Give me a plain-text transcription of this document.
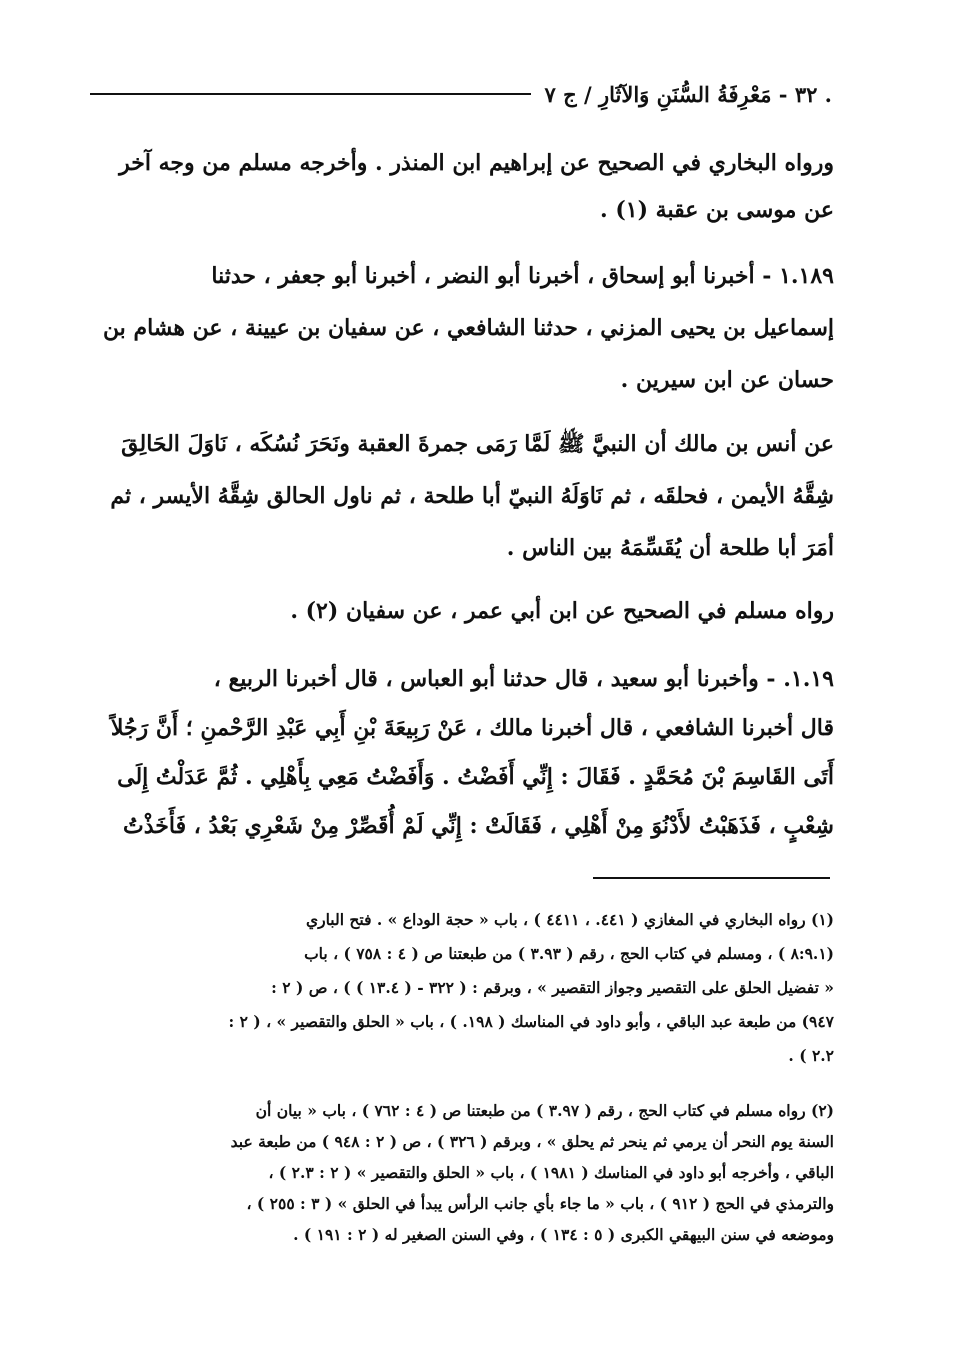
. ٣٢ - مَعْرِفَةُ السُّنَنِ وَالآثَارِ / ج ٧

ورواه البخاري في الصحيح عن إبراهيم ابن المنذر . وأخرجه مسلم من وجه آخر
عن موسى بن عقبة (١) .

١.١٨٩ - أخبرنا أبو إسحاق ، أخبرنا أبو النضر ، أخبرنا أبو جعفر ، حدثنا
إسماعيل بن يحيى المزني ، حدثنا الشافعي ، عن سفيان بن عيينة ، عن هشام بن
حسان عن ابن سيرين .

عن أنس بن مالك أن النبيَّ ﷺ لَمَّا رَمَى جمرةَ العقبة ونَحَرَ نُسُكَه ، نَاوَلَ الحَالِقَ
شِقَّهُ الأيمن ، فحلقَه ، ثم نَاوَلَهُ النبيّ أبا طلحة ، ثم ناول الحالق شِقَّهُ الأيسر ، ثم
أمَرَ أبا طلحة أن يُقَسِّمَهُ بين الناس .

رواه مسلم في الصحيح عن ابن أبي عمر ، عن سفيان (٢) .

١.١٩. - وأخبرنا أبو سعيد ، قال حدثنا أبو العباس ، قال أخبرنا الربيع ،
قال أخبرنا الشافعي ، قال أخبرنا مالك ، عَنْ رَبِيعَةَ بْنِ أَبِي عَبْدِ الرَّحْمنِ ؛ أَنَّ رَجُلاً
أَتَى القَاسِمَ بْنَ مُحَمَّدٍ . فَقَالَ : إِنِّي أَفَضْتُ . وَأَفَضْتُ مَعِي بِأَهْلِي . ثُمَّ عَدَلْتُ إِلَى
شِعْبٍ ، فَذَهَبْتُ لأَدْنُوَ مِنْ أَهْلِي ، فَقَالَتْ : إِنِّي لَمْ أُقَصِّرْ مِنْ شَعْرِي بَعْدُ ، فَأَخَذْتُ

(١) رواه البخاري في المغازي ( ٤٤١. ، ٤٤١١ ) ، باب « حجة الوداع » . فتح الباري
(٨:٩.١ ) ، ومسلم في كتاب الحج ، رقم ( ٣.٩٣ ) من طبعتنا ص ( ٤ : ٧٥٨ ) ، باب
« تفضيل الحلق على التقصير وجواز التقصير » ، وبرقم : ( ٣٢٢ - ( ١٣.٤ ) ) ، ص ( ٢ :
٩٤٧) من طبعة عبد الباقي ، وأبو داود في المناسك ( ١٩٨. ) ، باب « الحلق والتقصير » ، ( ٢ :
٢.٢ ) .
(٢) رواه مسلم في كتاب الحج ، رقم ( ٣.٩٧ ) من طبعتنا ص ( ٤ : ٧٦٢ ) ، باب « بيان أن
السنة يوم النحر أن يرمي ثم ينحر ثم يحلق » ، وبرقم ( ٣٢٦ ) ، ص ( ٢ : ٩٤٨ ) من طبعة عبد
الباقي ، وأخرجه أبو داود في المناسك ( ١٩٨١ ) ، باب « الحلق والتقصير » ( ٢ : ٢.٣ ) ،
والترمذي في الحج ( ٩١٢ ) ، باب « ما جاء بأي جانب الرأس يبدأ في الحلق » ( ٣ : ٢٥٥ ) ،
وموضعه في سنن البيهقي الكبرى ( ٥ : ١٣٤ ) ، وفي السنن الصغير له ( ٢ : ١٩١ ) .
